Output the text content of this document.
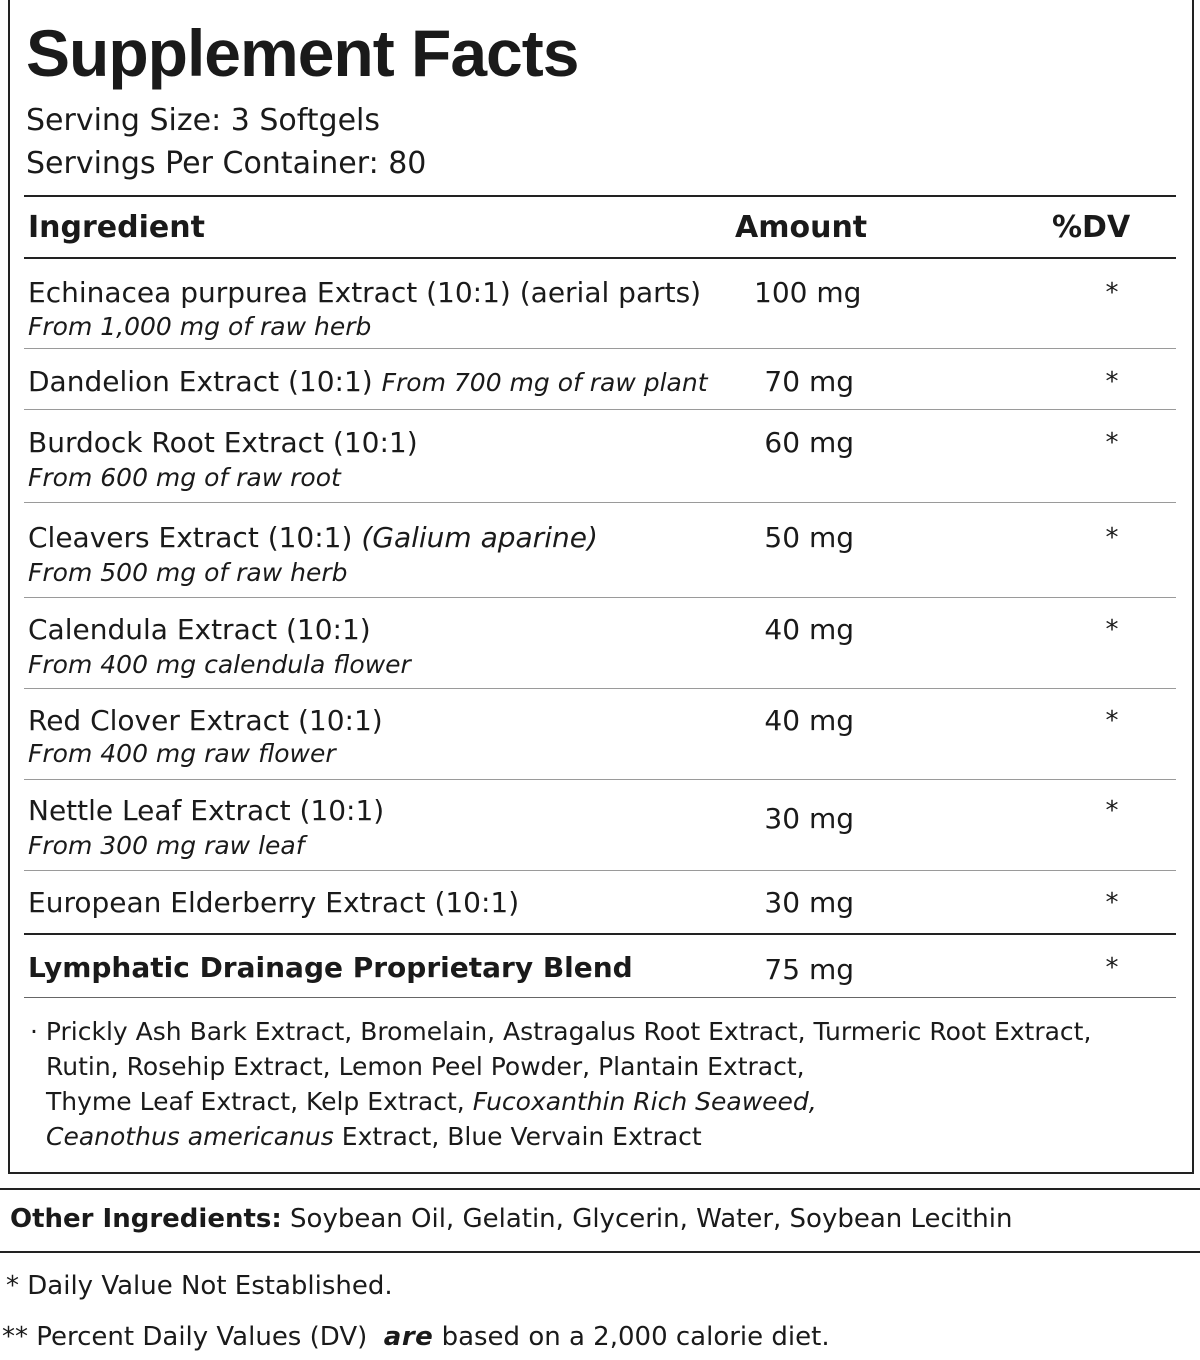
Supplement Facts
Serving Size: 3 Softgels
Servings Per Container: 80
Ingredient	Amount	%DV
Echinacea purpurea Extract (10:1) (aerial parts)
From 1,000 mg of raw herb
100 mg	*
Dandelion Extract (10:1) From 700 mg of raw plant	70 mg	*
Burdock Root Extract (10:1)
From 600 mg of raw root
60 mg	*
Cleavers Extract (10:1) (Galium aparine)
From 500 mg of raw herb
50 mg	*
Calendula Extract (10:1)
From 400 mg calendula flower
40 mg	*
Red Clover Extract (10:1)
From 400 mg raw flower
40 mg	*
Nettle Leaf Extract (10:1)
From 300 mg raw leaf
30 mg	*
European Elderberry Extract (10:1)	30 mg	*
Lymphatic Drainage Proprietary Blend	75 mg	*
· Prickly Ash Bark Extract, Bromelain, Astragalus Root Extract, Turmeric Root Extract,
Rutin, Rosehip Extract, Lemon Peel Powder, Plantain Extract,
Thyme Leaf Extract, Kelp Extract, Fucoxanthin Rich Seaweed,
Ceanothus americanus Extract, Blue Vervain Extract
Other Ingredients: Soybean Oil, Gelatin, Glycerin, Water, Soybean Lecithin
* Daily Value Not Established.
** Percent Daily Values (DV) are based on a 2,000 calorie diet.
